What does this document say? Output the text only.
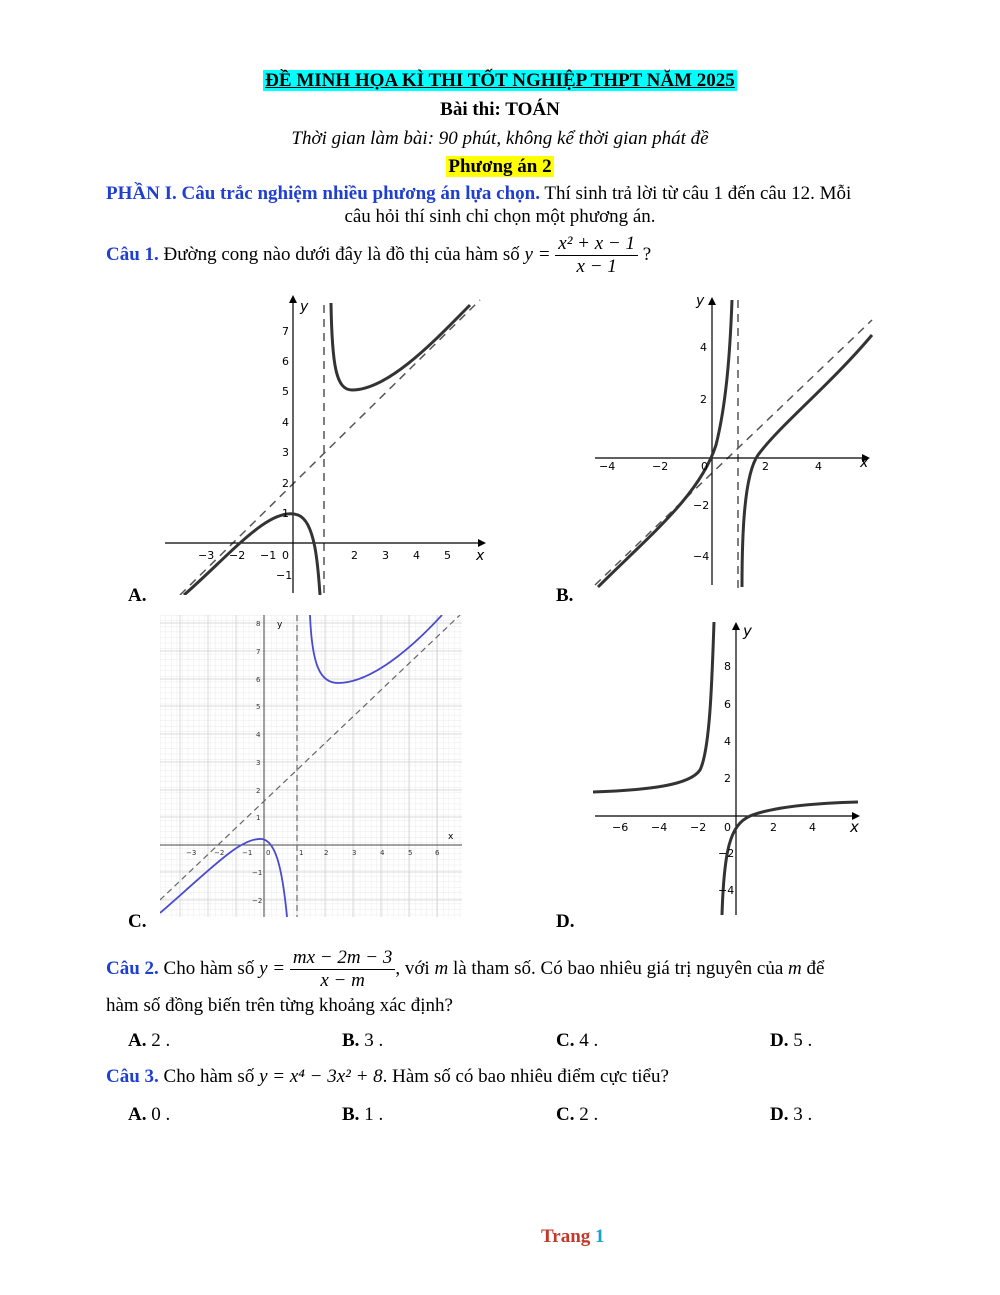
ĐỀ MINH HỌA KÌ THI TỐT NGHIỆP THPT NĂM 2025
Bài thi: TOÁN
Thời gian làm bài: 90 phút, không kể thời gian phát đề
Phương án 2
PHẦN I. Câu trắc nghiệm nhiều phương án lựa chọn. Thí sinh trả lời từ câu 1 đến câu 12. Mỗi
câu hỏi thí sinh chỉ chọn một phương án.
Câu 1. Đường cong nào dưới đây là đồ thị của hàm số $y = \frac{\text{x² + x − 1}}{x - 1}$ ?
A.	B.
C.	D.
x
y
−3 −2 −1 0	2 3 4 5
−1
1
2
3
4
5
6
7
x
y
−4	−2	0	2	4
−4
−2
2
4
x
y
−3	−2	−1 0	1	2	3	4	5	6
−2
−1
1
2
3
4
5
6
7
8
x
y
−6 −4 −2 0	2	4
−4
−2
2
4
6
8
Câu 2. Cho hàm số $y = \frac{mx - 2m - 3}{x - m}$ , với m là tham số. Có bao nhiêu giá trị nguyên của m để
hàm số đồng biến trên từng khoảng xác định?
A. 2 .	B. 3 .	C. 4 .	D. 5 .
Câu 3. Cho hàm số y = x⁴ − 3x² + 8. Hàm số có bao nhiêu điểm cực tiểu?
A. 0 .	B. 1 .	C. 2 .	D. 3 .
Trang 1
